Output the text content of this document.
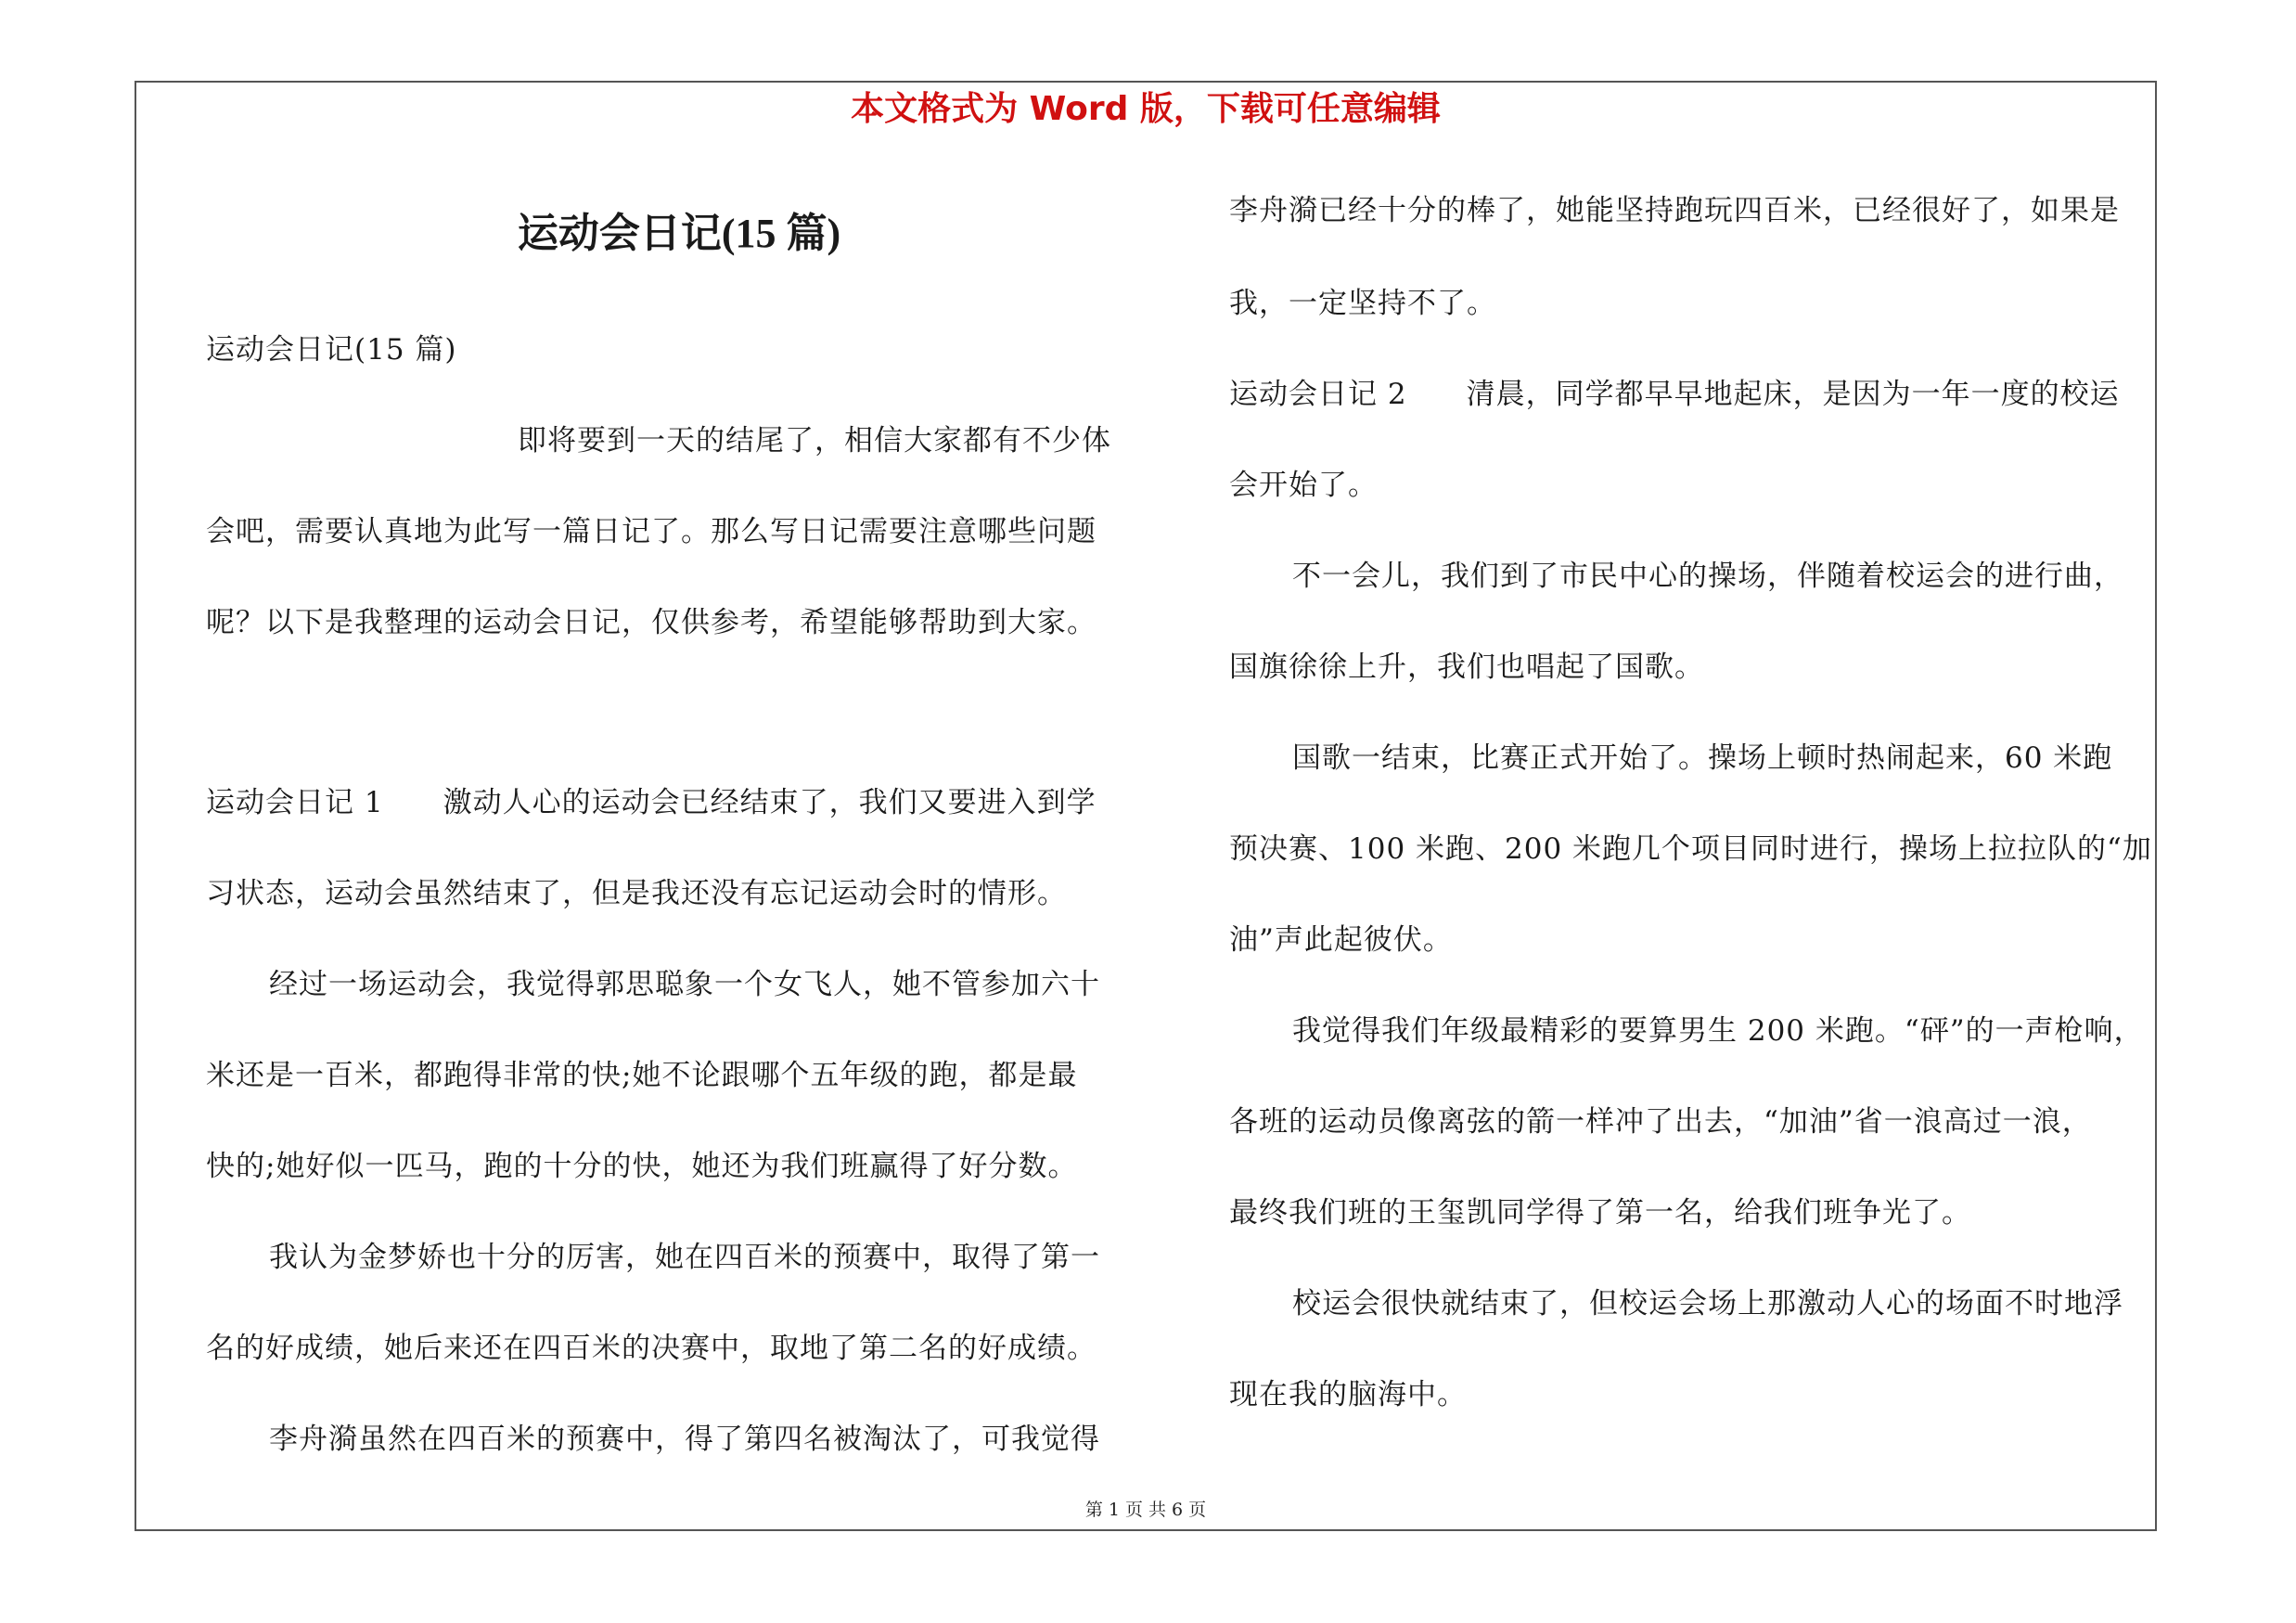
本文格式为 Word 版，下载可任意编辑
运动会日记(15 篇)
运动会日记(15 篇)
即将要到一天的结尾了，相信大家都有不少体
会吧，需要认真地为此写一篇日记了。那么写日记需要注意哪些问题
呢？以下是我整理的运动会日记，仅供参考，希望能够帮助到大家。
运动会日记 1　　激动人心的运动会已经结束了，我们又要进入到学
习状态，运动会虽然结束了，但是我还没有忘记运动会时的情形。
经过一场运动会，我觉得郭思聪象一个女飞人，她不管参加六十
米还是一百米，都跑得非常的快;她不论跟哪个五年级的跑，都是最
快的;她好似一匹马，跑的十分的快，她还为我们班赢得了好分数。
我认为金梦娇也十分的厉害，她在四百米的预赛中，取得了第一
名的好成绩，她后来还在四百米的决赛中，取地了第二名的好成绩。
李舟漪虽然在四百米的预赛中，得了第四名被淘汰了，可我觉得
李舟漪已经十分的棒了，她能坚持跑玩四百米，已经很好了，如果是
我，一定坚持不了。
运动会日记 2　　清晨，同学都早早地起床，是因为一年一度的校运
会开始了。
不一会儿，我们到了市民中心的操场，伴随着校运会的进行曲，
国旗徐徐上升，我们也唱起了国歌。
国歌一结束，比赛正式开始了。操场上顿时热闹起来，60 米跑
预决赛、100 米跑、200 米跑几个项目同时进行，操场上拉拉队的“加
油”声此起彼伏。
我觉得我们年级最精彩的要算男生 200 米跑。“砰”的一声枪响，
各班的运动员像离弦的箭一样冲了出去，“加油”省一浪高过一浪，
最终我们班的王玺凯同学得了第一名，给我们班争光了。
校运会很快就结束了，但校运会场上那激动人心的场面不时地浮
现在我的脑海中。
第 1 页 共 6 页
